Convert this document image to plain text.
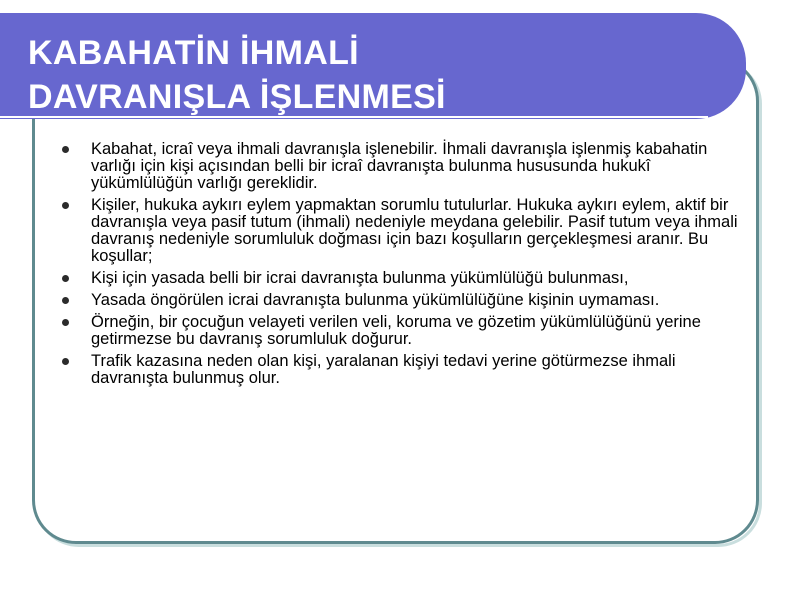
KABAHATİN İHMALİ
DAVRANIŞLA İŞLENMESİ
Kabahat, icraî veya ihmali davranışla işlenebilir. İhmali davranışla işlenmiş kabahatin varlığı için kişi açısından belli bir icraî davranışta bulunma hususunda hukukî yükümlülüğün varlığı gereklidir.
Kişiler, hukuka aykırı eylem yapmaktan sorumlu tutulurlar. Hukuka aykırı eylem, aktif bir davranışla veya pasif tutum (ihmali) nedeniyle meydana gelebilir. Pasif tutum veya ihmali davranış nedeniyle sorumluluk doğması için bazı koşulların gerçekleşmesi aranır. Bu koşullar;
Kişi için yasada belli bir icrai davranışta bulunma yükümlülüğü bulunması,
Yasada öngörülen icrai davranışta bulunma yükümlülüğüne kişinin uymaması.
Örneğin, bir çocuğun velayeti verilen veli, koruma ve gözetim yükümlülüğünü yerine getirmezse bu davranış sorumluluk doğurur.
Trafik kazasına neden olan kişi, yaralanan kişiyi tedavi yerine götürmezse ihmali davranışta bulunmuş olur.
